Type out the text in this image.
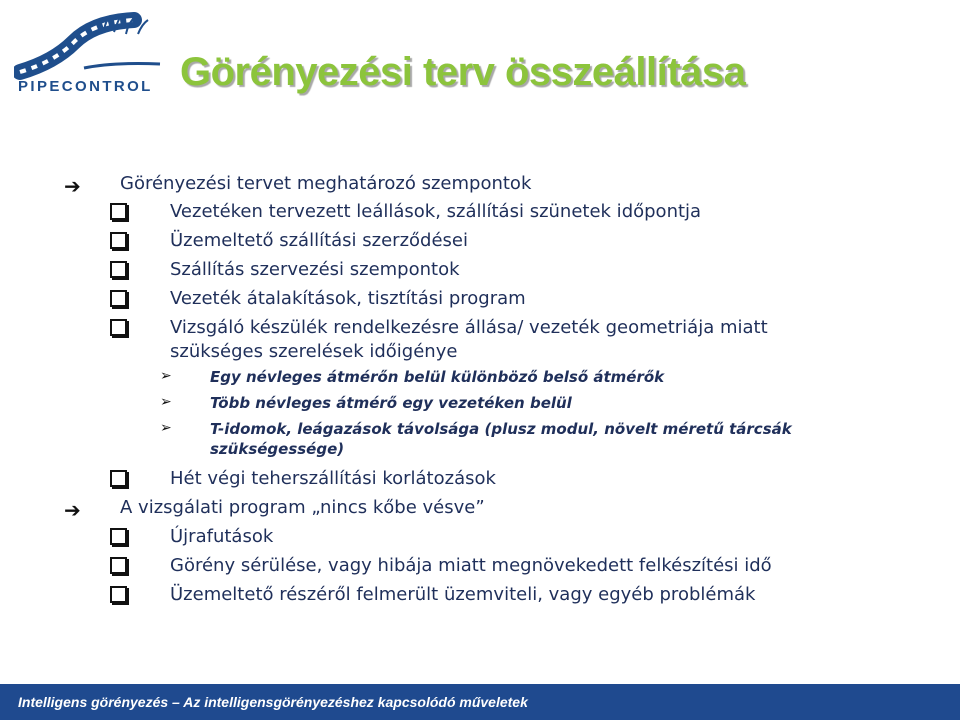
PIPECONTROL Görényezési terv összeállítása
➔ Görényezési tervet meghatározó szempontok
Vezetéken tervezett leállások, szállítási szünetek időpontja
Üzemeltető szállítási szerződései
Szállítás szervezési szempontok
Vezeték átalakítások, tisztítási program
Vizsgáló készülék rendelkezésre állása/ vezeték geometriája miatt
szükséges szerelések időigénye
➢	Egy névleges átmérőn belül különböző belső átmérők
➢	Több névleges átmérő egy vezetéken belül
➢	T-idomok, leágazások távolsága (plusz modul, növelt méretű tárcsák
szükségessége)
Hét végi teherszállítási korlátozások
➔ A vizsgálati program „nincs kőbe vésve”
Újrafutások
Görény sérülése, vagy hibája miatt megnövekedett felkészítési idő
Üzemeltető részéről felmerült üzemviteli, vagy egyéb problémák
Intelligens görényezés – Az intelligensgörényezéshez kapcsolódó műveletek
